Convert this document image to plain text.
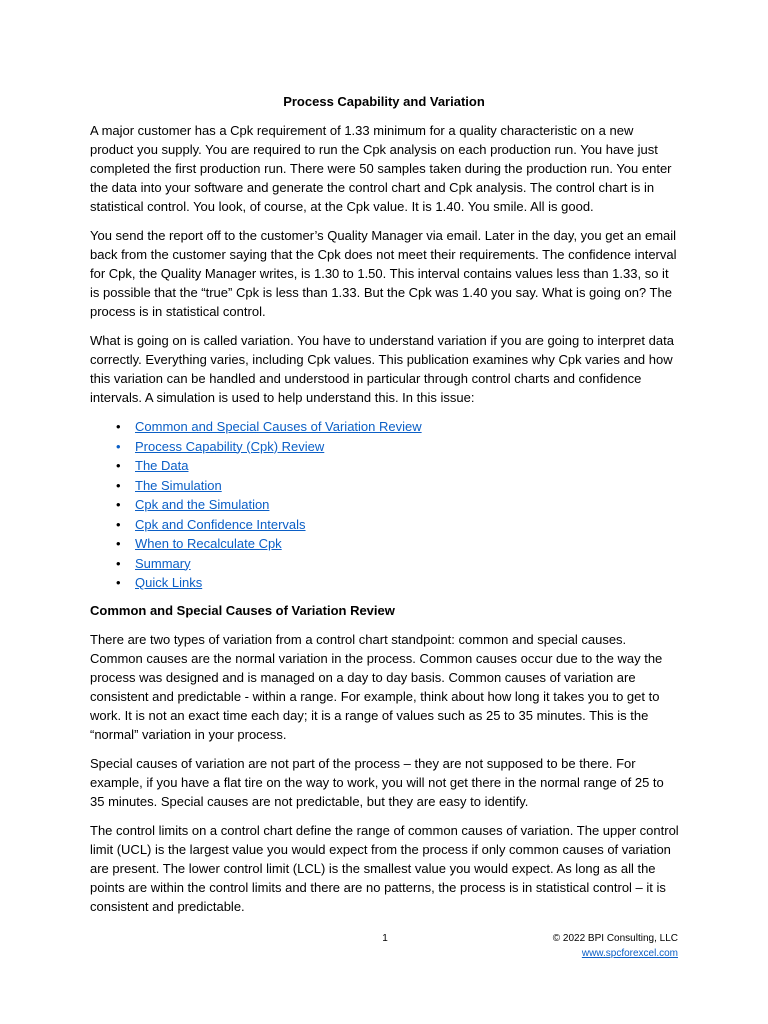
Process Capability and Variation

A major customer has a Cpk requirement of 1.33 minimum for a quality characteristic on a new product you supply. You are required to run the Cpk analysis on each production run. You have just completed the first production run. There were 50 samples taken during the production run. You enter the data into your software and generate the control chart and Cpk analysis. The control chart is in statistical control. You look, of course, at the Cpk value. It is 1.40. You smile. All is good.

You send the report off to the customer’s Quality Manager via email. Later in the day, you get an email back from the customer saying that the Cpk does not meet their requirements. The confidence interval for Cpk, the Quality Manager writes, is 1.30 to 1.50. This interval contains values less than 1.33, so it is possible that the “true” Cpk is less than 1.33. But the Cpk was 1.40 you say. What is going on? The process is in statistical control.

What is going on is called variation. You have to understand variation if you are going to interpret data correctly. Everything varies, including Cpk values. This publication examines why Cpk varies and how this variation can be handled and understood in particular through control charts and confidence intervals. A simulation is used to help understand this. In this issue:

• Common and Special Causes of Variation Review
• Process Capability (Cpk) Review
• The Data
• The Simulation
• Cpk and the Simulation
• Cpk and Confidence Intervals
• When to Recalculate Cpk
• Summary
• Quick Links
Common and Special Causes of Variation Review

There are two types of variation from a control chart standpoint: common and special causes. Common causes are the normal variation in the process. Common causes occur due to the way the process was designed and is managed on a day to day basis. Common causes of variation are consistent and predictable - within a range. For example, think about how long it takes you to get to work. It is not an exact time each day; it is a range of values such as 25 to 35 minutes. This is the “normal” variation in your process.

Special causes of variation are not part of the process – they are not supposed to be there. For example, if you have a flat tire on the way to work, you will not get there in the normal range of 25 to 35 minutes. Special causes are not predictable, but they are easy to identify.

The control limits on a control chart define the range of common causes of variation. The upper control limit (UCL) is the largest value you would expect from the process if only common causes of variation are present. The lower control limit (LCL) is the smallest value you would expect. As long as all the points are within the control limits and there are no patterns, the process is in statistical control – it is consistent and predictable.

1	© 2022 BPI Consulting, LLC
www.spcforexcel.com
